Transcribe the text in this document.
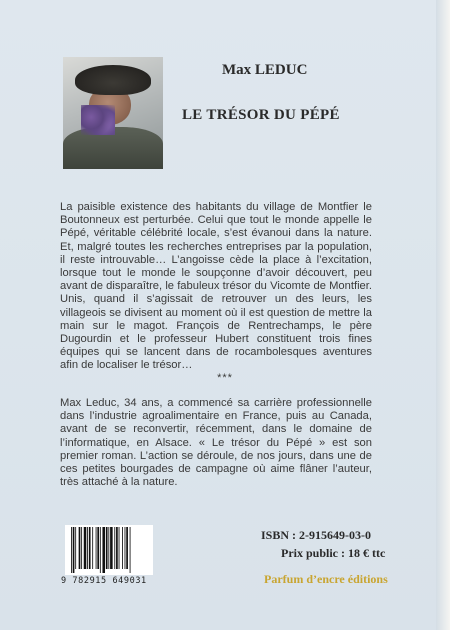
Max LEDUC
LE TRÉSOR DU PÉPÉ

La paisible existence des habitants du village de Montfier le Boutonneux est perturbée. Celui que tout le monde appelle le Pépé, véritable célébrité locale, s’est évanoui dans la nature. Et, malgré toutes les recherches entreprises par la population, il reste introuvable… L’angoisse cède la place à l’excitation, lorsque tout le monde le soupçonne d’avoir découvert, peu avant de disparaître, le fabuleux trésor du Vicomte de Montfier. Unis, quand il s’agissait de retrouver un des leurs, les villageois se divisent au moment où il est question de mettre la main sur le magot. François de Rentrechamps, le père Dugourdin et le professeur Hubert constituent trois fines équipes qui se lancent dans de rocambolesques aventures afin de localiser le trésor…

***

Max Leduc, 34 ans, a commencé sa carrière professionnelle dans l’industrie agroalimentaire en France, puis au Canada, avant de se reconvertir, récemment, dans le domaine de l’informatique, en Alsace. « Le trésor du Pépé » est son premier roman. L’action se déroule, de nos jours, dans une de ces petites bourgades de campagne où aime flâner l’auteur, très attaché à la nature.

9 782915 649031
ISBN : 2-915649-03-0
Prix public : 18 € ttc
Parfum d’encre éditions
